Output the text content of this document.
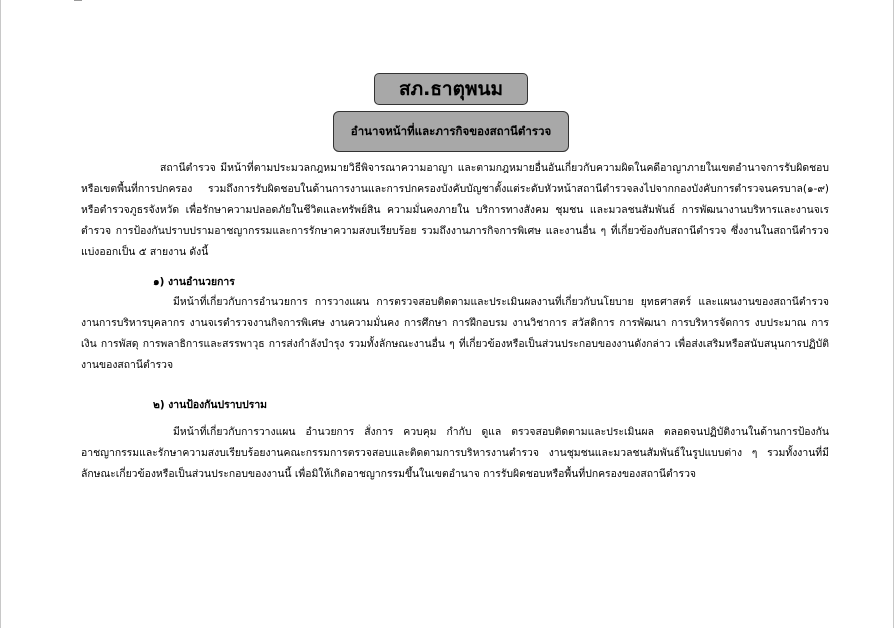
สภ.ธาตุพนม
อำนาจหน้าที่และภารกิจของสถานีตำรวจ

สถานีตำรวจ มีหน้าที่ตามประมวลกฎหมายวิธีพิจารณาความอาญา และตามกฎหมายอื่นอันเกี่ยวกับความผิดในคดีอาญาภายในเขตอำนาจการรับผิดชอบหรือเขตพื้นที่การปกครอง รวมถึงการรับผิดชอบในด้านการงานและการปกครองบังคับบัญชาตั้งแต่ระดับหัวหน้าสถานีตำรวจลงไปจากกองบังคับการตำรวจนครบาล(๑-๙) หรือตำรวจภูธรจังหวัด เพื่อรักษาความปลอดภัยในชีวิตและทรัพย์สิน ความมั่นคงภายใน บริการทางสังคม ชุมชน และมวลชนสัมพันธ์ การพัฒนางานบริหารและงานจเรตำรวจ การป้องกันปราบปรามอาชญากรรมและการรักษาความสงบเรียบร้อย รวมถึงงานภารกิจการพิเศษ และงานอื่น ๆ ที่เกี่ยวข้องกับสถานีตำรวจ ซึ่งงานในสถานีตำรวจ แบ่งออกเป็น ๕ สายงาน ดังนี้

๑) งานอำนวยการ

มีหน้าที่เกี่ยวกับการอำนวยการ การวางแผน การตรวจสอบติดตามและประเมินผลงานที่เกี่ยวกับนโยบาย ยุทธศาสตร์ และแผนงานของสถานีตำรวจ งานการบริหารบุคลากร งานจเรตำรวจงานกิจการพิเศษ งานความมั่นคง การศึกษา การฝึกอบรม งานวิชาการ สวัสดิการ การพัฒนา การบริหารจัดการ งบประมาณ การเงิน การพัสดุ การพลาธิการและสรรพาวุธ การส่งกำลังบำรุง รวมทั้งลักษณะงานอื่น ๆ ที่เกี่ยวข้องหรือเป็นส่วนประกอบของงานดังกล่าว เพื่อส่งเสริมหรือสนับสนุนการปฏิบัติงานของสถานีตำรวจ

๒) งานป้องกันปราบปราม

มีหน้าที่เกี่ยวกับการวางแผน อำนวยการ สั่งการ ควบคุม กำกับ ดูแล ตรวจสอบติดตามและประเมินผล ตลอดจนปฏิบัติงานในด้านการป้องกันอาชญากรรมและรักษาความสงบเรียบร้อยงานคณะกรรมการตรวจสอบและติดตามการบริหารงานตำรวจ งานชุมชนและมวลชนสัมพันธ์ในรูปแบบต่าง ๆ รวมทั้งงานที่มีลักษณะเกี่ยวข้องหรือเป็นส่วนประกอบของงานนี้ เพื่อมิให้เกิดอาชญากรรมขึ้นในเขตอำนาจ การรับผิดชอบหรือพื้นที่ปกครองของสถานีตำรวจ
